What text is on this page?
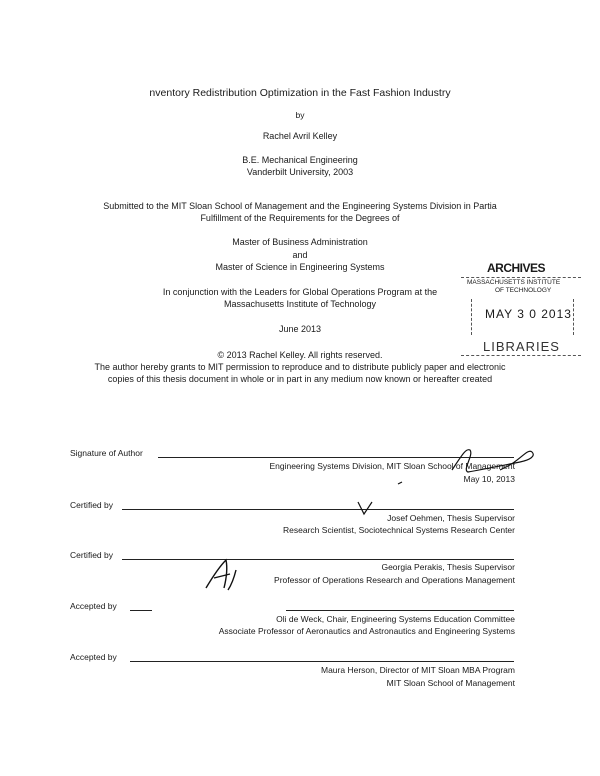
nventory Redistribution Optimization in the Fast Fashion Industry
by
Rachel Avril Kelley
B.E. Mechanical Engineering
Vanderbilt University, 2003
Submitted to the MIT Sloan School of Management and the Engineering Systems Division in Partia
Fulfillment of the Requirements for the Degrees of
Master of Business Administration
and
Master of Science in Engineering Systems
In conjunction with the Leaders for Global Operations Program at the
Massachusetts Institute of Technology
June 2013
© 2013 Rachel Kelley. All rights reserved.
The author hereby grants to MIT permission to reproduce and to distribute publicly paper and electronic
copies of this thesis document in whole or in part in any medium now known or hereafter created
ARCHIVES
MASSACHUSETTS INSTITUTE
OF TECHNOLOGY
MAY 3 0 2013
LIBRARIES
Signature of Author
Engineering Systems Division, MIT Sloan School of Management
May 10, 2013
Certified by
Josef Oehmen, Thesis Supervisor
Research Scientist, Sociotechnical Systems Research Center
Certified by
Georgia Perakis, Thesis Supervisor
Professor of Operations Research and Operations Management
Accepted by
Oli de Weck, Chair, Engineering Systems Education Committee
Associate Professor of Aeronautics and Astronautics and Engineering Systems
Accepted by
Maura Herson, Director of MIT Sloan MBA Program
MIT Sloan School of Management
